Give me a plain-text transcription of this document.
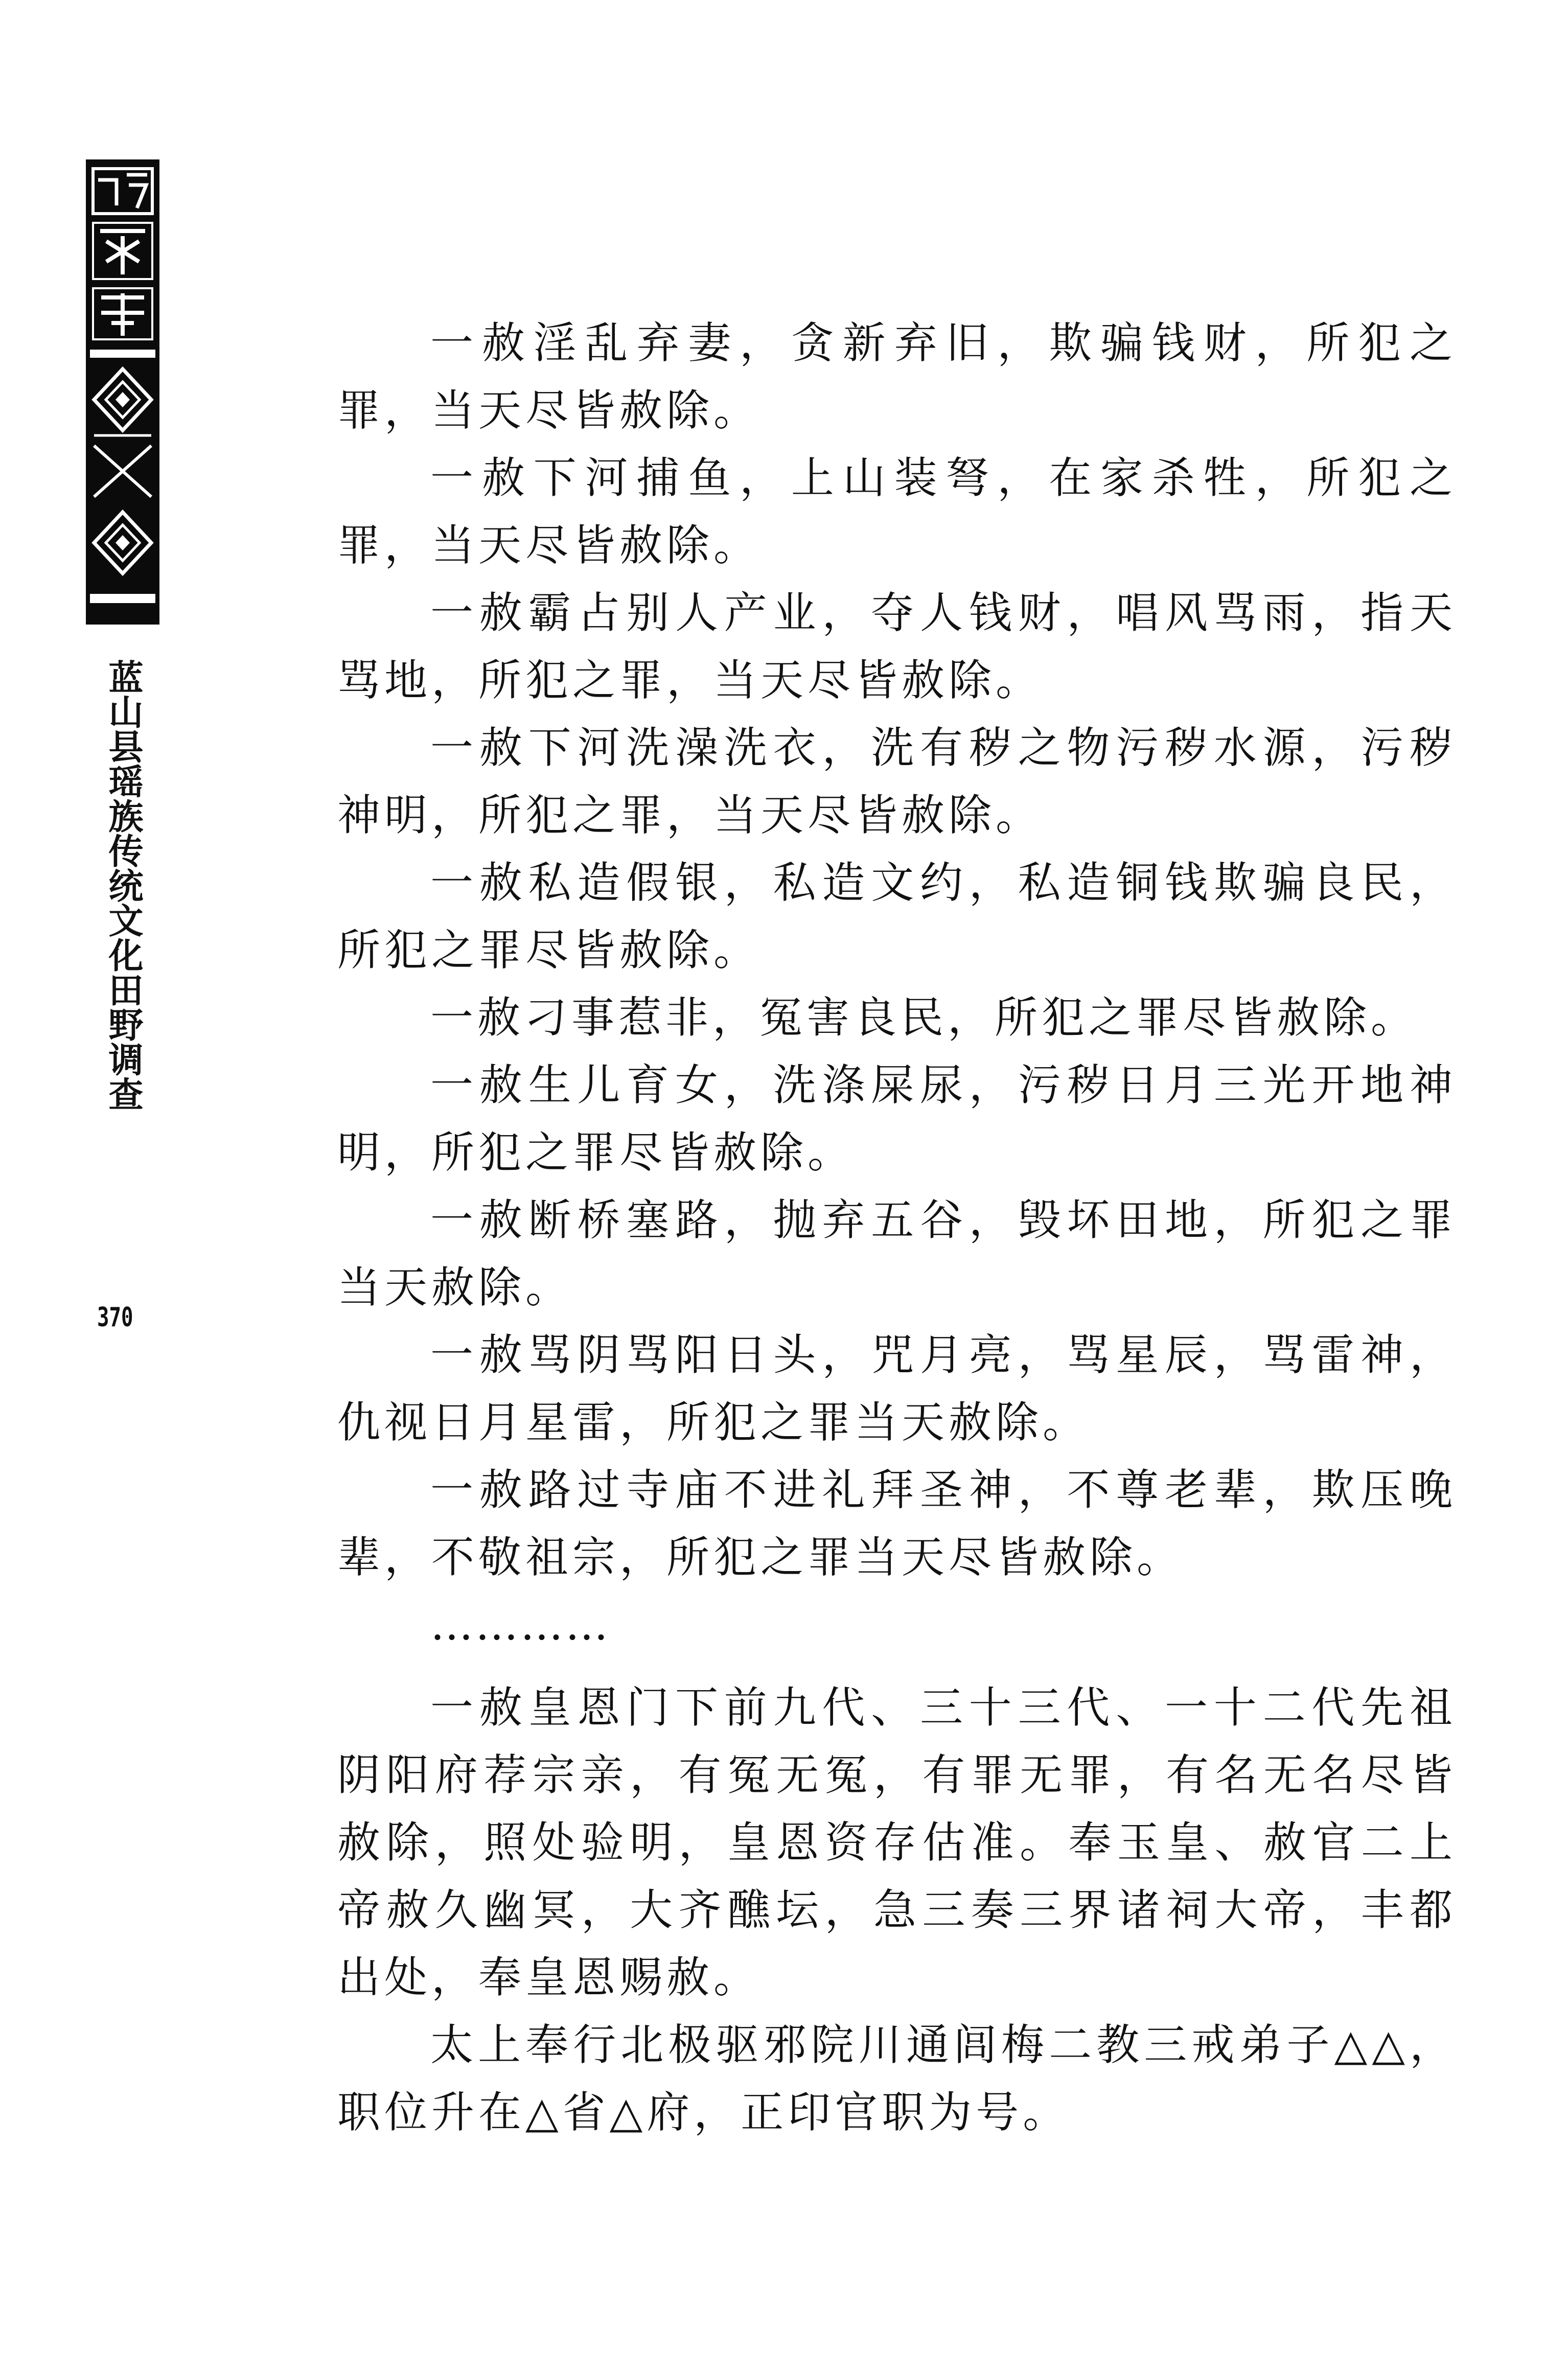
蓝山县瑶族传统文化田野调查
370

一赦淫乱弃妻，贪新弃旧，欺骗钱财，所犯之罪，当天尽皆赦除。

一赦下河捕鱼，上山装弩，在家杀牲，所犯之罪，当天尽皆赦除。

一赦霸占别人产业，夺人钱财，唱风骂雨，指天骂地，所犯之罪，当天尽皆赦除。

一赦下河洗澡洗衣，洗有秽之物污秽水源，污秽神明，所犯之罪，当天尽皆赦除。

一赦私造假银，私造文约，私造铜钱欺骗良民，所犯之罪尽皆赦除。

一赦刁事惹非，冤害良民，所犯之罪尽皆赦除。

一赦生儿育女，洗涤屎尿，污秽日月三光开地神明，所犯之罪尽皆赦除。

一赦断桥塞路，抛弃五谷，毁坏田地，所犯之罪当天赦除。

一赦骂阴骂阳日头，咒月亮，骂星辰，骂雷神，仇视日月星雷，所犯之罪当天赦除。

一赦路过寺庙不进礼拜圣神，不尊老辈，欺压晚辈，不敬祖宗，所犯之罪当天尽皆赦除。

…………

一赦皇恩门下前九代、三十三代、一十二代先祖阴阳府荐宗亲，有冤无冤，有罪无罪，有名无名尽皆赦除，照处验明，皇恩资存估准。奉玉皇、赦官二上帝赦久幽冥，大齐醮坛，急三奏三界诸祠大帝，丰都出处，奉皇恩赐赦。

太上奉行北极驱邪院川通闾梅二教三戒弟子△△，职位升在△省△府，正印官职为号。
